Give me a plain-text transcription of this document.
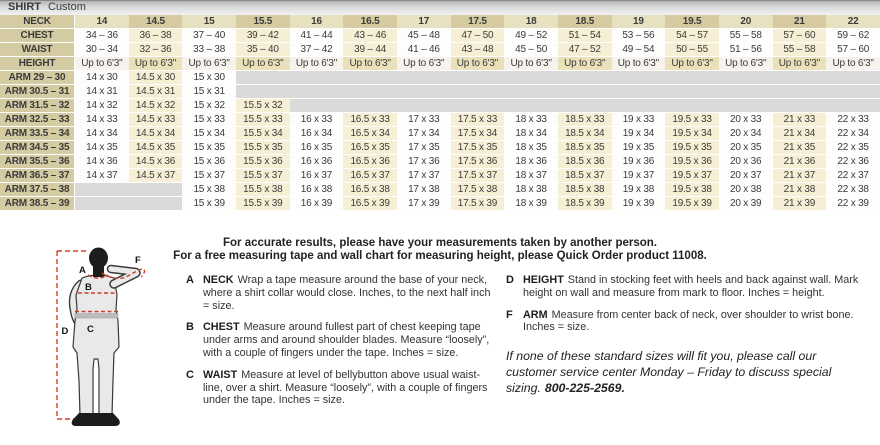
SHIRT Custom
NECK	14	14.5	15	15.5	16	16.5	17	17.5	18	18.5	19	19.5	20	21	22
CHEST	34 – 36	36 – 38	37 – 40	39 – 42	41 – 44	43 – 46	45 – 48	47 – 50	49 – 52	51 – 54	53 – 56	54 – 57	55 – 58	57 – 60	59 – 62
WAIST	30 – 34	32 – 36	33 – 38	35 – 40	37 – 42	39 – 44	41 – 46	43 – 48	45 – 50	47 – 52	49 – 54	50 – 55	51 – 56	55 – 58	57 – 60
HEIGHT	Up to 6'3"	Up to 6'3"	Up to 6'3"	Up to 6'3"	Up to 6'3"	Up to 6'3"	Up to 6'3"	Up to 6'3"	Up to 6'3"	Up to 6'3"	Up to 6'3"	Up to 6'3"	Up to 6'3"	Up to 6'3"	Up to 6'3"
ARM 29 – 30	14 x 30	14.5 x 30	15 x 30												
ARM 30.5 – 31	14 x 31	14.5 x 31	15 x 31												
ARM 31.5 – 32	14 x 32	14.5 x 32	15 x 32	15.5 x 32											
ARM 32.5 – 33	14 x 33	14.5 x 33	15 x 33	15.5 x 33	16 x 33	16.5 x 33	17 x 33	17.5 x 33	18 x 33	18.5 x 33	19 x 33	19.5 x 33	20 x 33	21 x 33	22 x 33
ARM 33.5 – 34	14 x 34	14.5 x 34	15 x 34	15.5 x 34	16 x 34	16.5 x 34	17 x 34	17.5 x 34	18 x 34	18.5 x 34	19 x 34	19.5 x 34	20 x 34	21 x 34	22 x 34
ARM 34.5 – 35	14 x 35	14.5 x 35	15 x 35	15.5 x 35	16 x 35	16.5 x 35	17 x 35	17.5 x 35	18 x 35	18.5 x 35	19 x 35	19.5 x 35	20 x 35	21 x 35	22 x 35
ARM 35.5 – 36	14 x 36	14.5 x 36	15 x 36	15.5 x 36	16 x 36	16.5 x 36	17 x 36	17.5 x 36	18 x 36	18.5 x 36	19 x 36	19.5 x 36	20 x 36	21 x 36	22 x 36
ARM 36.5 – 37	14 x 37	14.5 x 37	15 x 37	15.5 x 37	16 x 37	16.5 x 37	17 x 37	17.5 x 37	18 x 37	18.5 x 37	19 x 37	19.5 x 37	20 x 37	21 x 37	22 x 37
ARM 37.5 – 38			15 x 38	15.5 x 38	16 x 38	16.5 x 38	17 x 38	17.5 x 38	18 x 38	18.5 x 38	19 x 38	19.5 x 38	20 x 38	21 x 38	22 x 38
ARM 38.5 – 39			15 x 39	15.5 x 39	16 x 39	16.5 x 39	17 x 39	17.5 x 39	18 x 39	18.5 x 39	19 x 39	19.5 x 39	20 x 39	21 x 39	22 x 39
For accurate results, please have your measurements taken by another person.
For a free measuring tape and wall chart for measuring height, please Quick Order product 11008.
A
B
C
D
F
A NECK Wrap a tape measure around the base of your neck, where a shirt collar would close. Inches, to the next half inch = size.

B CHEST Measure around fullest part of chest keeping tape under arms and around shoulder blades. Measure “loosely”, with a couple of fingers under the tape. Inches = size.

C WAIST Measure at level of bellybutton above usual waist-line, over a shirt. Measure “loosely”, with a couple of fingers under the tape. Inches = size.

D HEIGHT Stand in stocking feet with heels and back against wall. Mark height on wall and measure from mark to floor. Inches = height.

F ARM Measure from center back of neck, over shoulder to wrist bone. Inches = size.

If none of these standard sizes will fit you, please call our customer service center Monday – Friday to discuss special sizing. 800-225-2569.
